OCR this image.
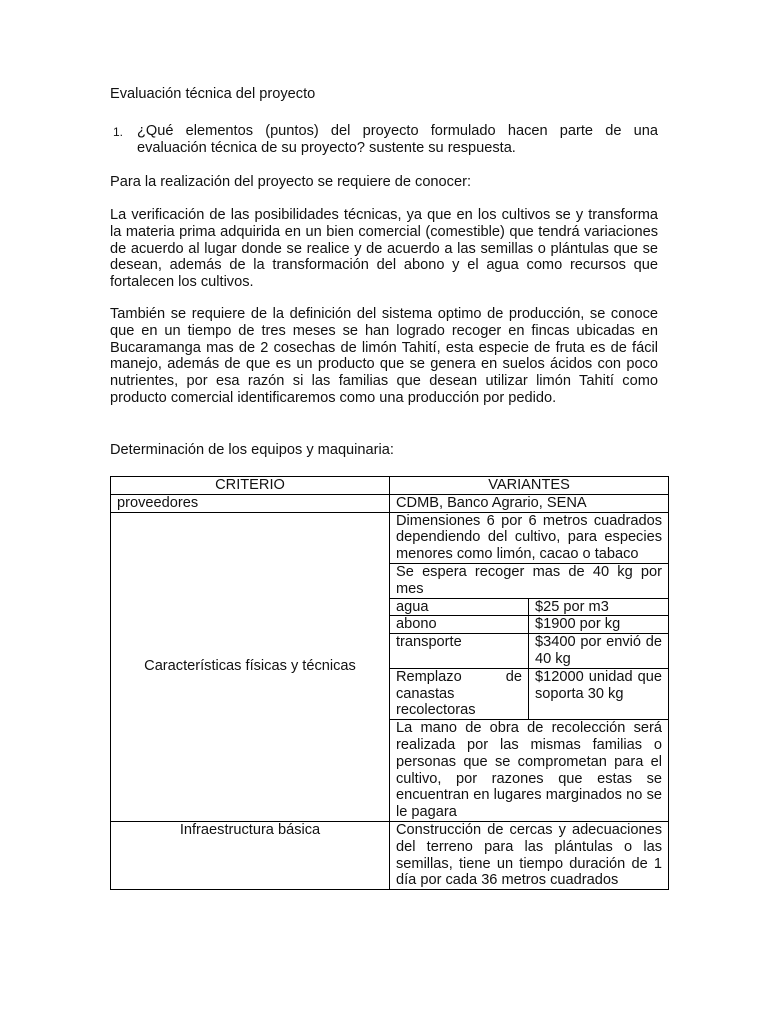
Evaluación técnica del proyecto
1. ¿Qué elementos (puntos) del proyecto formulado hacen parte de una evaluación técnica de su proyecto? sustente su respuesta.
Para la realización del proyecto se requiere de conocer:
La verificación de las posibilidades técnicas, ya que en los cultivos se y transforma la materia prima adquirida en un bien comercial (comestible) que tendrá variaciones de acuerdo al lugar donde se realice y de acuerdo a las semillas o plántulas que se desean, además de la transformación del abono y el agua como recursos que fortalecen los cultivos.
También se requiere de la definición del sistema optimo de producción, se conoce que en un tiempo de tres meses se han logrado recoger en fincas ubicadas en Bucaramanga mas de 2 cosechas de limón Tahití, esta especie de fruta es de fácil manejo, además de que es un producto que se genera en suelos ácidos con poco nutrientes, por esa razón si las familias que desean utilizar limón Tahití como producto comercial identificaremos como una producción por pedido.
Determinación de los equipos y maquinaria:
CRITERIO	VARIANTES	
proveedores	CDMB, Banco Agrario, SENA	
Características físicas y técnicas	Dimensiones 6 por 6 metros cuadrados dependiendo del cultivo, para especies menores como limón, cacao o tabaco	
	Se espera recoger mas de 40 kg por mes	
	agua	$25 por m3
	abono	$1900 por kg
	transporte	$3400 por envió de 40 kg
	Remplazo de canastas recolectoras	$12000 unidad que soporta 30 kg
	La mano de obra de recolección será realizada por las mismas familias o personas que se comprometan para el cultivo, por razones que estas se encuentran en lugares marginados no se le pagara	
Infraestructura básica	Construcción de cercas y adecuaciones del terreno para las plántulas o las semillas, tiene un tiempo duración de 1 día por cada 36 metros cuadrados	
